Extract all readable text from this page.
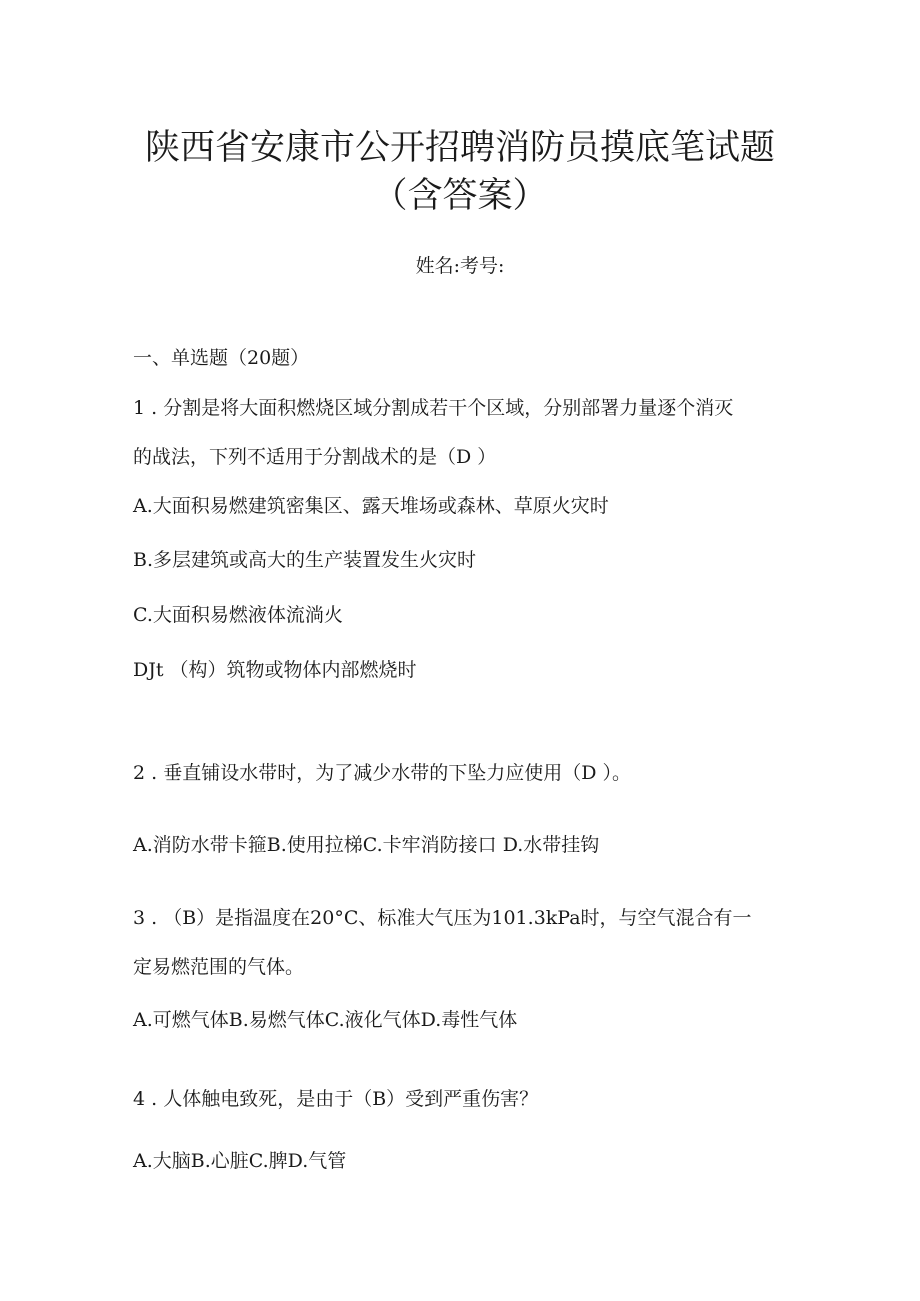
陕西省安康市公开招聘消防员摸底笔试题
（含答案）
姓名:考号:
一、单选题（20题）
1 . 分割是将大面积燃烧区域分割成若干个区域，分别部署力量逐个消灭
的战法，下列不适用于分割战术的是（D ）
A.大面积易燃建筑密集区、露天堆场或森林、草原火灾时
B.多层建筑或高大的生产装置发生火灾时
C.大面积易燃液体流淌火
DJt （构）筑物或物体内部燃烧时
2 . 垂直铺设水带时，为了减少水带的下坠力应使用（D ）。
A.消防水带卡箍B.使用拉梯C.卡牢消防接口 D.水带挂钩
3 . （B）是指温度在20°C、标准大气压为101.3kPa时，与空气混合有一
定易燃范围的气体。
A.可燃气体B.易燃气体C.液化气体D.毒性气体
4 . 人体触电致死，是由于（B）受到严重伤害？
A.大脑B.心脏C.脾D.气管
